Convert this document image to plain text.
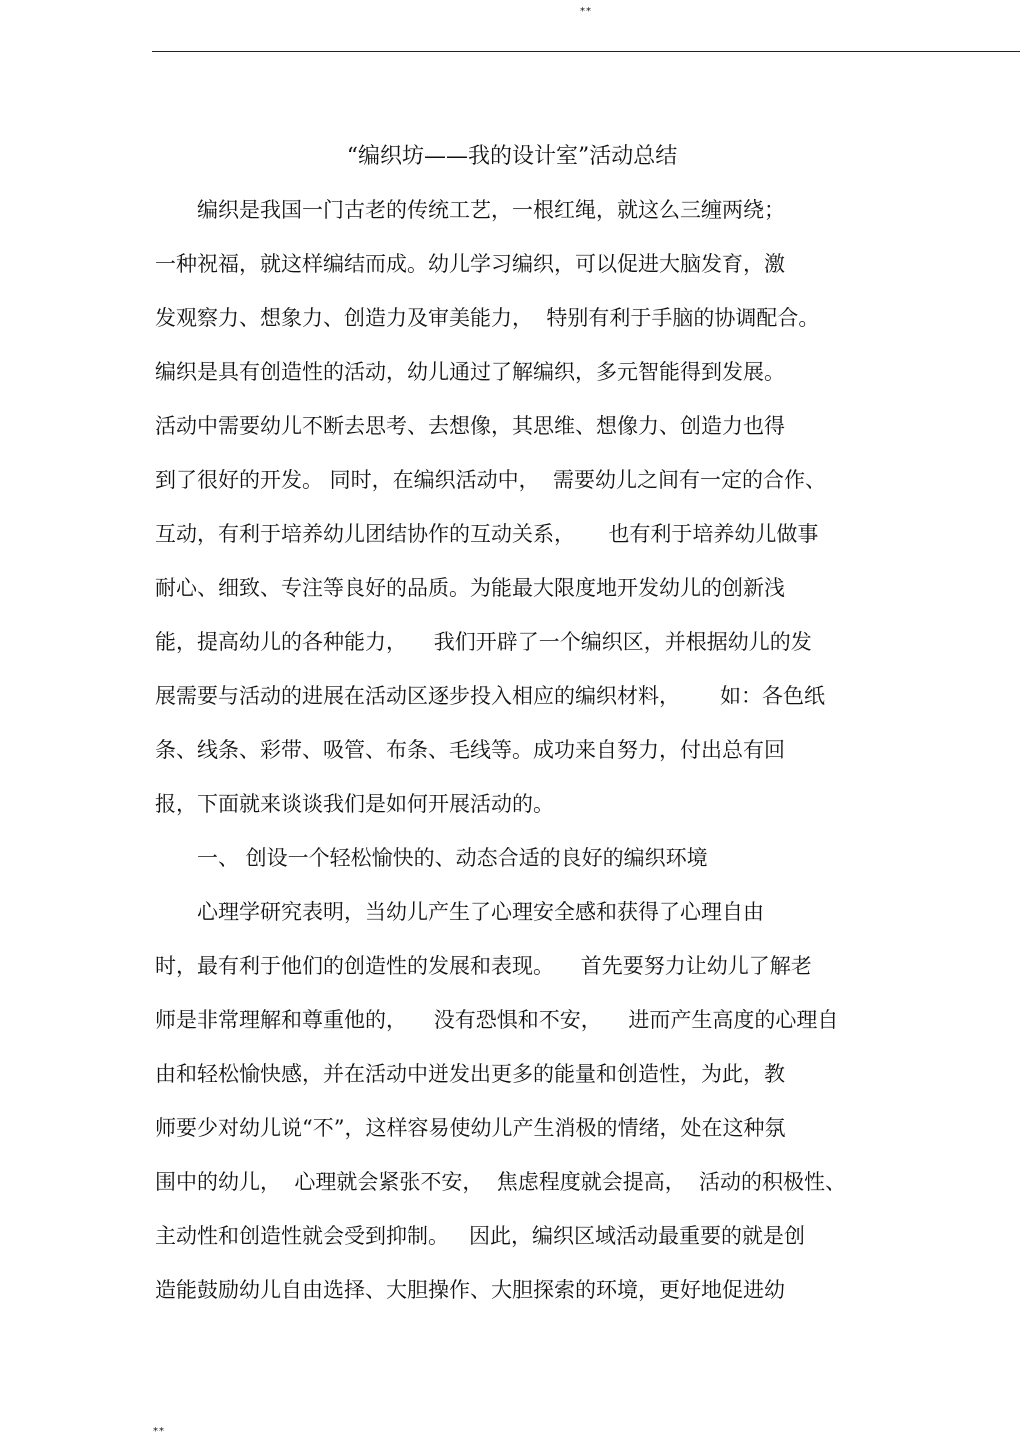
**
“编织坊——我的设计室”活动总结
　　编织是我国一门古老的传统工艺，一根红绳，就这么三缠两绕；
一种祝福，就这样编结而成。幼儿学习编织，可以促进大脑发育，激
发观察力、想象力、创造力及审美能力，  特别有利于手脑的协调配合。
编织是具有创造性的活动，幼儿通过了解编织，多元智能得到发展。
活动中需要幼儿不断去思考、去想像，其思维、想像力、创造力也得
到了很好的开发。 同时，在编织活动中，  需要幼儿之间有一定的合作、
互动，有利于培养幼儿团结协作的互动关系，     也有利于培养幼儿做事
耐心、细致、专注等良好的品质。为能最大限度地开发幼儿的创新浅
能，提高幼儿的各种能力，    我们开辟了一个编织区，并根据幼儿的发
展需要与活动的进展在活动区逐步投入相应的编织材料，      如：各色纸
条、线条、彩带、吸管、布条、毛线等。成功来自努力，付出总有回
报，下面就来谈谈我们是如何开展活动的。
　　一、 创设一个轻松愉快的、动态合适的良好的编织环境
　　心理学研究表明，当幼儿产生了心理安全感和获得了心理自由
时，最有利于他们的创造性的发展和表现。    首先要努力让幼儿了解老
师是非常理解和尊重他的，    没有恐惧和不安，    进而产生高度的心理自
由和轻松愉快感，并在活动中迸发出更多的能量和创造性，为此，教
师要少对幼儿说“不”，这样容易使幼儿产生消极的情绪，处在这种氛
围中的幼儿，  心理就会紧张不安，  焦虑程度就会提高，  活动的积极性、
主动性和创造性就会受到抑制。   因此，编织区域活动最重要的就是创
造能鼓励幼儿自由选择、大胆操作、大胆探索的环境，更好地促进幼
**
